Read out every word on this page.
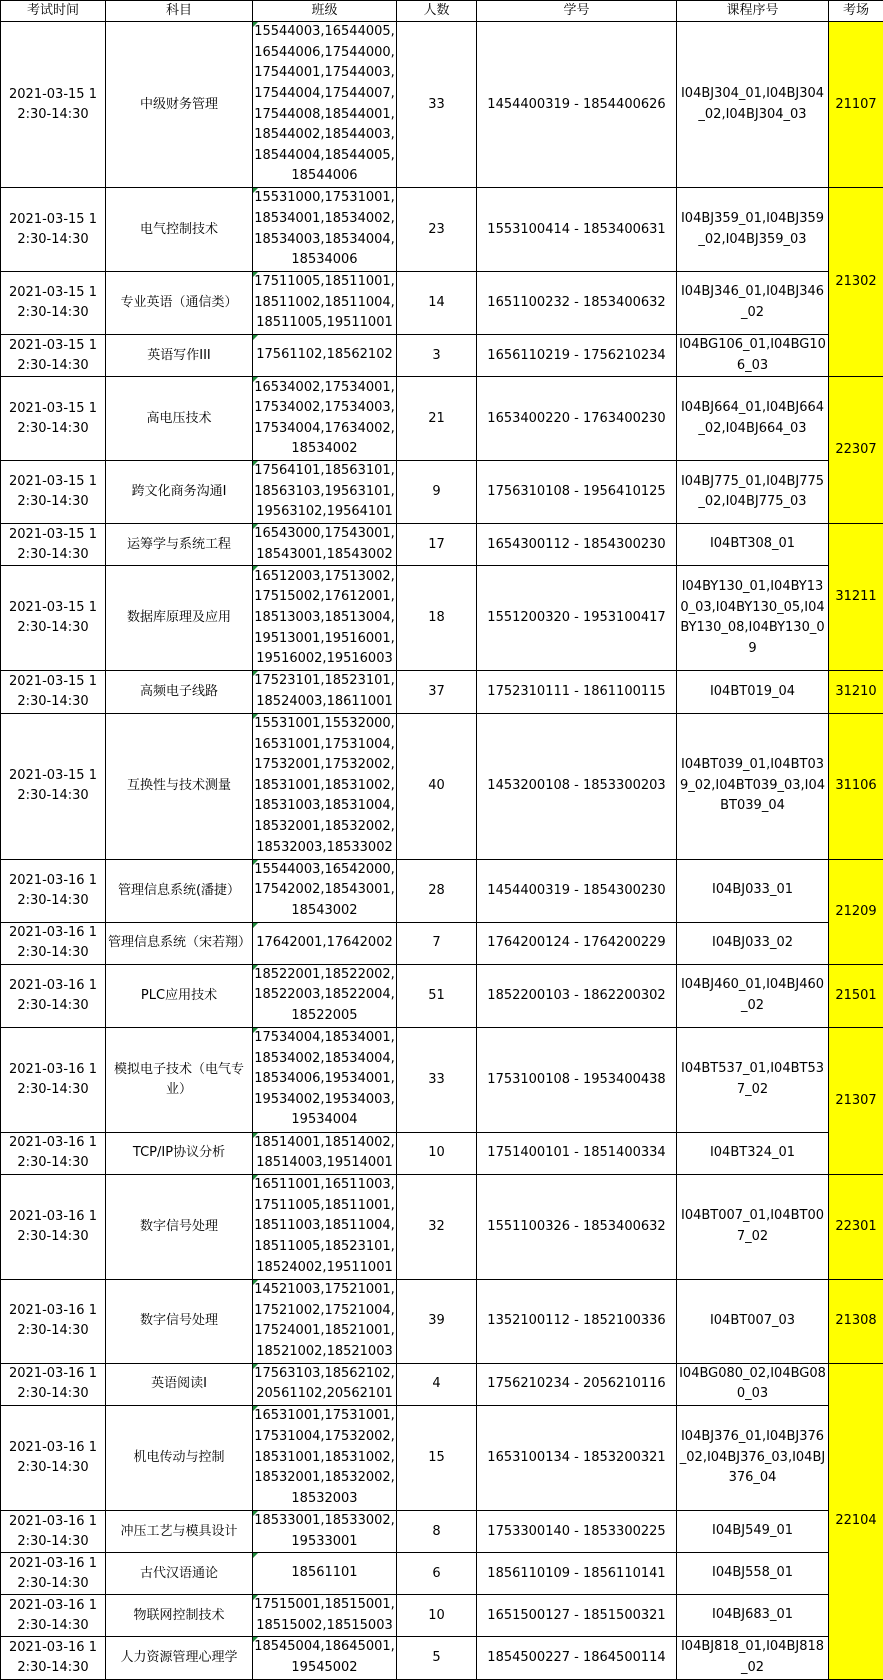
考试时间	科目	班级	人数	学号	课程序号	考场
2021-03-15 12:30-14:30	中级财务管理	15544003,16544005,16544006,17544000,17544001,17544003,17544004,17544007,17544008,18544001,18544002,18544003,18544004,18544005,18544006	33	1454400319 - 1854400626	I04BJ304_01,I04BJ304_02,I04BJ304_03	21107
2021-03-15 12:30-14:30	电气控制技术	15531000,17531001,18534001,18534002,18534003,18534004,18534006	23	1553100414 - 1853400631	I04BJ359_01,I04BJ359_02,I04BJ359_03	21302
2021-03-15 12:30-14:30	专业英语（通信类）	17511005,18511001,18511002,18511004,18511005,19511001	14	1651100232 - 1853400632	I04BJ346_01,I04BJ346_02	
2021-03-15 12:30-14:30	英语写作III	17561102,18562102	3	1656110219 - 1756210234	I04BG106_01,I04BG106_03	
2021-03-15 12:30-14:30	高电压技术	16534002,17534001,17534002,17534003,17534004,17634002,18534002	21	1653400220 - 1763400230	I04BJ664_01,I04BJ664_02,I04BJ664_03	22307
2021-03-15 12:30-14:30	跨文化商务沟通I	17564101,18563101,18563103,19563101,19563102,19564101	9	1756310108 - 1956410125	I04BJ775_01,I04BJ775_02,I04BJ775_03	
2021-03-15 12:30-14:30	运筹学与系统工程	16543000,17543001,18543001,18543002	17	1654300112 - 1854300230	I04BT308_01	31211
2021-03-15 12:30-14:30	数据库原理及应用	16512003,17513002,17515002,17612001,18513003,18513004,19513001,19516001,19516002,19516003	18	1551200320 - 1953100417	I04BY130_01,I04BY130_03,I04BY130_05,I04BY130_08,I04BY130_09	
2021-03-15 12:30-14:30	高频电子线路	17523101,18523101,18524003,18611001	37	1752310111 - 1861100115	I04BT019_04	31210
2021-03-15 12:30-14:30	互换性与技术测量	15531001,15532000,16531001,17531004,17532001,17532002,18531001,18531002,18531003,18531004,18532001,18532002,18532003,18533002	40	1453200108 - 1853300203	I04BT039_01,I04BT039_02,I04BT039_03,I04BT039_04	31106
2021-03-16 12:30-14:30	管理信息系统(潘捷）	15544003,16542000,17542002,18543001,18543002	28	1454400319 - 1854300230	I04BJ033_01	21209
2021-03-16 12:30-14:30	管理信息系统（宋若翔）	17642001,17642002	7	1764200124 - 1764200229	I04BJ033_02	
2021-03-16 12:30-14:30	PLC应用技术	18522001,18522002,18522003,18522004,18522005	51	1852200103 - 1862200302	I04BJ460_01,I04BJ460_02	21501
2021-03-16 12:30-14:30	模拟电子技术（电气专业）	17534004,18534001,18534002,18534004,18534006,19534001,19534002,19534003,19534004	33	1753100108 - 1953400438	I04BT537_01,I04BT537_02	21307
2021-03-16 12:30-14:30	TCP/IP协议分析	18514001,18514002,18514003,19514001	10	1751400101 - 1851400334	I04BT324_01	
2021-03-16 12:30-14:30	数字信号处理	16511001,16511003,17511005,18511001,18511003,18511004,18511005,18523101,18524002,19511001	32	1551100326 - 1853400632	I04BT007_01,I04BT007_02	22301
2021-03-16 12:30-14:30	数字信号处理	14521003,17521001,17521002,17521004,17524001,18521001,18521002,18521003	39	1352100112 - 1852100336	I04BT007_03	21308
2021-03-16 12:30-14:30	英语阅读I	17563103,18562102,20561102,20562101	4	1756210234 - 2056210116	I04BG080_02,I04BG080_03	22104
2021-03-16 12:30-14:30	机电传动与控制	16531001,17531001,17531004,17532002,18531001,18531002,18532001,18532002,18532003	15	1653100134 - 1853200321	I04BJ376_01,I04BJ376_02,I04BJ376_03,I04BJ376_04	
2021-03-16 12:30-14:30	冲压工艺与模具设计	18533001,18533002,19533001	8	1753300140 - 1853300225	I04BJ549_01	
2021-03-16 12:30-14:30	古代汉语通论	18561101	6	1856110109 - 1856110141	I04BJ558_01	
2021-03-16 12:30-14:30	物联网控制技术	17515001,18515001,18515002,18515003	10	1651500127 - 1851500321	I04BJ683_01	
2021-03-16 12:30-14:30	人力资源管理心理学	18545004,18645001,19545002	5	1854500227 - 1864500114	I04BJ818_01,I04BJ818_02	
